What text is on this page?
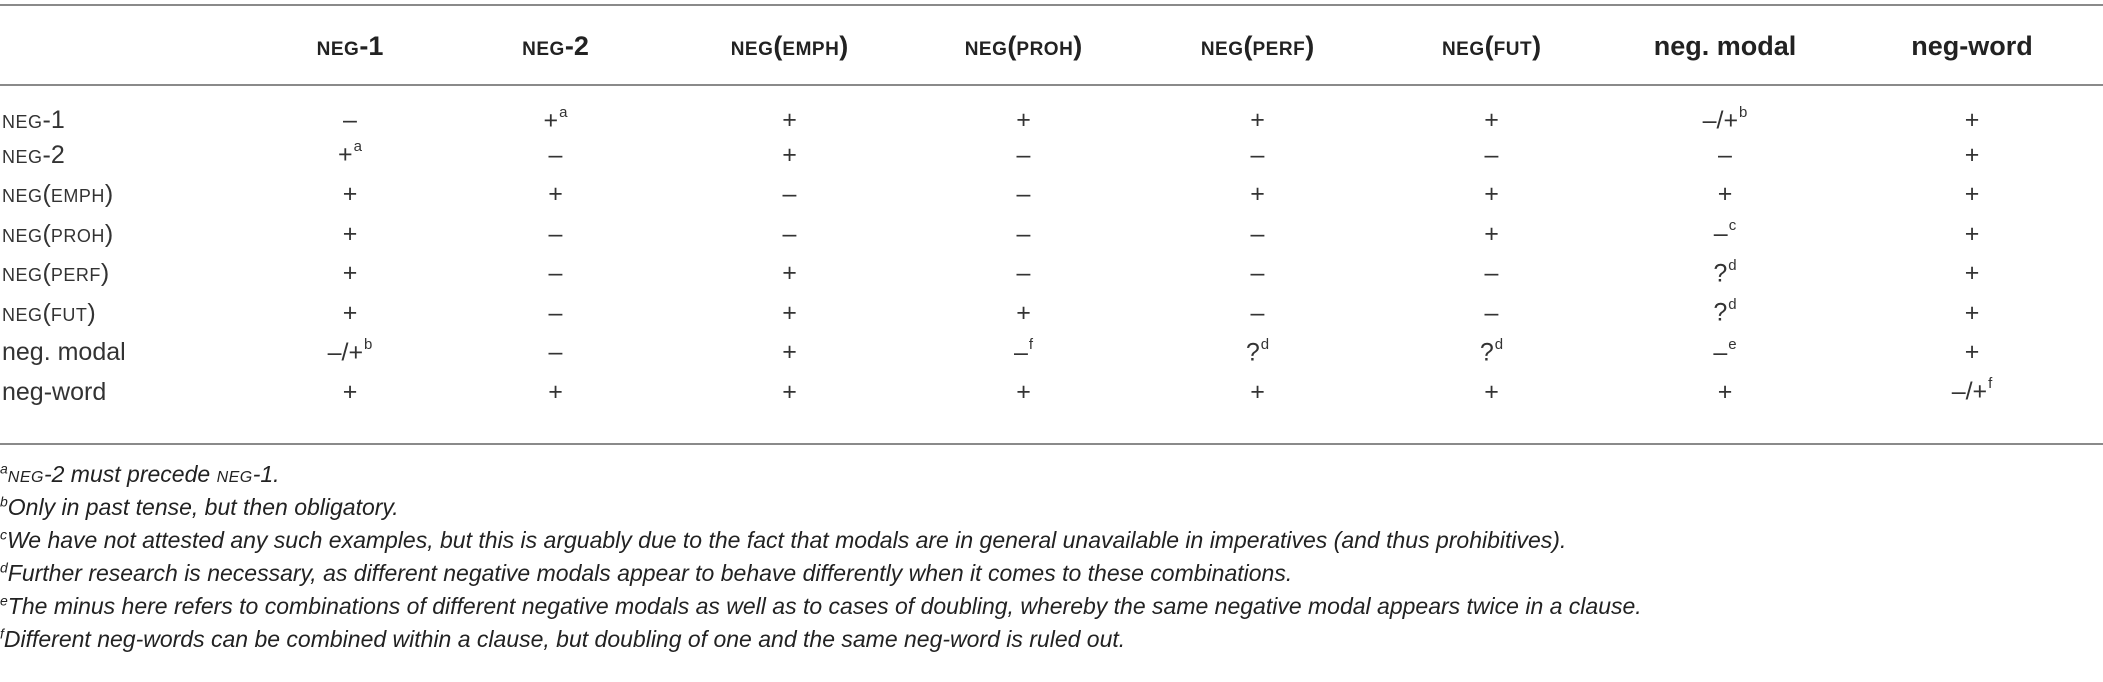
	neg-1	neg-2	neg(emph)	neg(proh)	neg(perf)	neg(fut)	neg. modal	neg-word
neg-1	–	+$^a$	+	+	+	+	–/+$^b$	+
neg-2	+$^a$	–	+	–	–	–	–	+
neg(emph)	+	+	–	–	+	+	+	+
neg(proh)	+	–	–	–	–	+	–$^c$	+
neg(perf)	+	–	+	–	–	–	?$^d$	+
neg(fut)	+	–	+	+	–	–	?$^d$	+
neg. modal	–/+$^b$	–	+	–$^f$	?$^d$	?$^d$	–$^e$	+
neg-word	+	+	+	+	+	+	+	–/+$^f$
$^a$neg-2 must precede neg-1.
$^b$Only in past tense, but then obligatory.
$^c$We have not attested any such examples, but this is arguably due to the fact that modals are in general unavailable in imperatives (and thus prohibitives).
$^d$Further research is necessary, as different negative modals appear to behave differently when it comes to these combinations.
$^e$The minus here refers to combinations of different negative modals as well as to cases of doubling, whereby the same negative modal appears twice in a clause.
$^f$Different neg-words can be combined within a clause, but doubling of one and the same neg-word is ruled out.
